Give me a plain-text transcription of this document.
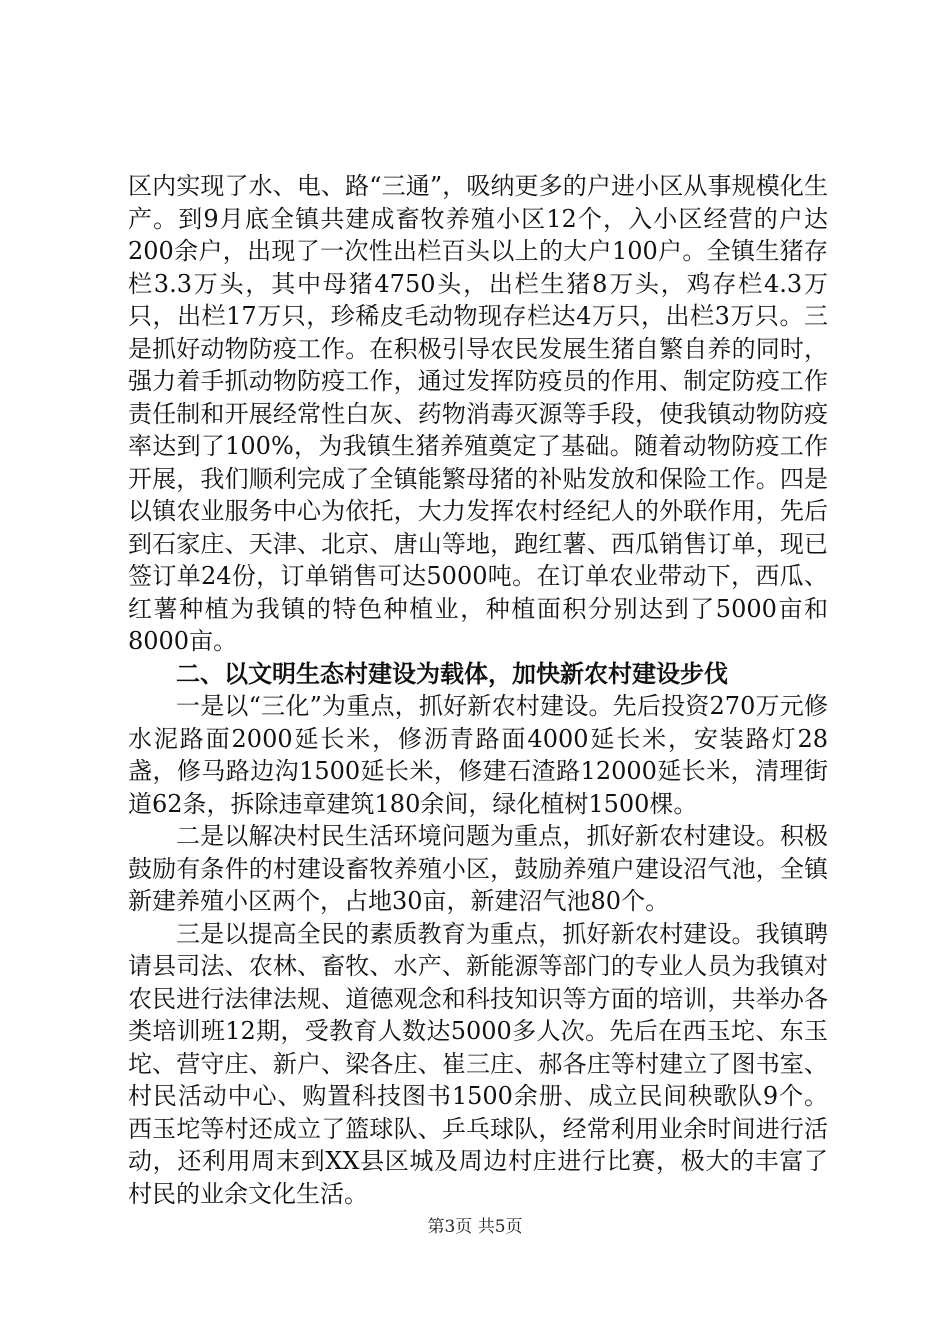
区内实现了水、电、路“三通”，吸纳更多的户进小区从事规模化生产。到9月底全镇共建成畜牧养殖小区12个，入小区经营的户达200余户，出现了一次性出栏百头以上的大户100户。全镇生猪存栏3.3万头，其中母猪4750头，出栏生猪8万头，鸡存栏4.3万只，出栏17万只，珍稀皮毛动物现存栏达4万只，出栏3万只。三是抓好动物防疫工作。在积极引导农民发展生猪自繁自养的同时，强力着手抓动物防疫工作，通过发挥防疫员的作用、制定防疫工作责任制和开展经常性白灰、药物消毒灭源等手段，使我镇动物防疫率达到了100%，为我镇生猪养殖奠定了基础。随着动物防疫工作开展，我们顺利完成了全镇能繁母猪的补贴发放和保险工作。四是以镇农业服务中心为依托，大力发挥农村经纪人的外联作用，先后到石家庄、天津、北京、唐山等地，跑红薯、西瓜销售订单，现已签订单24份，订单销售可达5000吨。在订单农业带动下，西瓜、红薯种植为我镇的特色种植业，种植面积分别达到了5000亩和8000亩。

二、以文明生态村建设为载体，加快新农村建设步伐

一是以“三化”为重点，抓好新农村建设。先后投资270万元修水泥路面2000延长米，修沥青路面4000延长米，安装路灯28盏，修马路边沟1500延长米，修建石渣路12000延长米，清理街道62条，拆除违章建筑180余间，绿化植树1500棵。

二是以解决村民生活环境问题为重点，抓好新农村建设。积极鼓励有条件的村建设畜牧养殖小区，鼓励养殖户建设沼气池，全镇新建养殖小区两个，占地30亩，新建沼气池80个。

三是以提高全民的素质教育为重点，抓好新农村建设。我镇聘请县司法、农林、畜牧、水产、新能源等部门的专业人员为我镇对农民进行法律法规、道德观念和科技知识等方面的培训，共举办各类培训班12期，受教育人数达5000多人次。先后在西玉坨、东玉坨、营守庄、新户、梁各庄、崔三庄、郝各庄等村建立了图书室、村民活动中心、购置科技图书1500余册、成立民间秧歌队9个。西玉坨等村还成立了篮球队、乒乓球队，经常利用业余时间进行活动，还利用周末到XX县区城及周边村庄进行比赛，极大的丰富了村民的业余文化生活。

第3页 共5页
